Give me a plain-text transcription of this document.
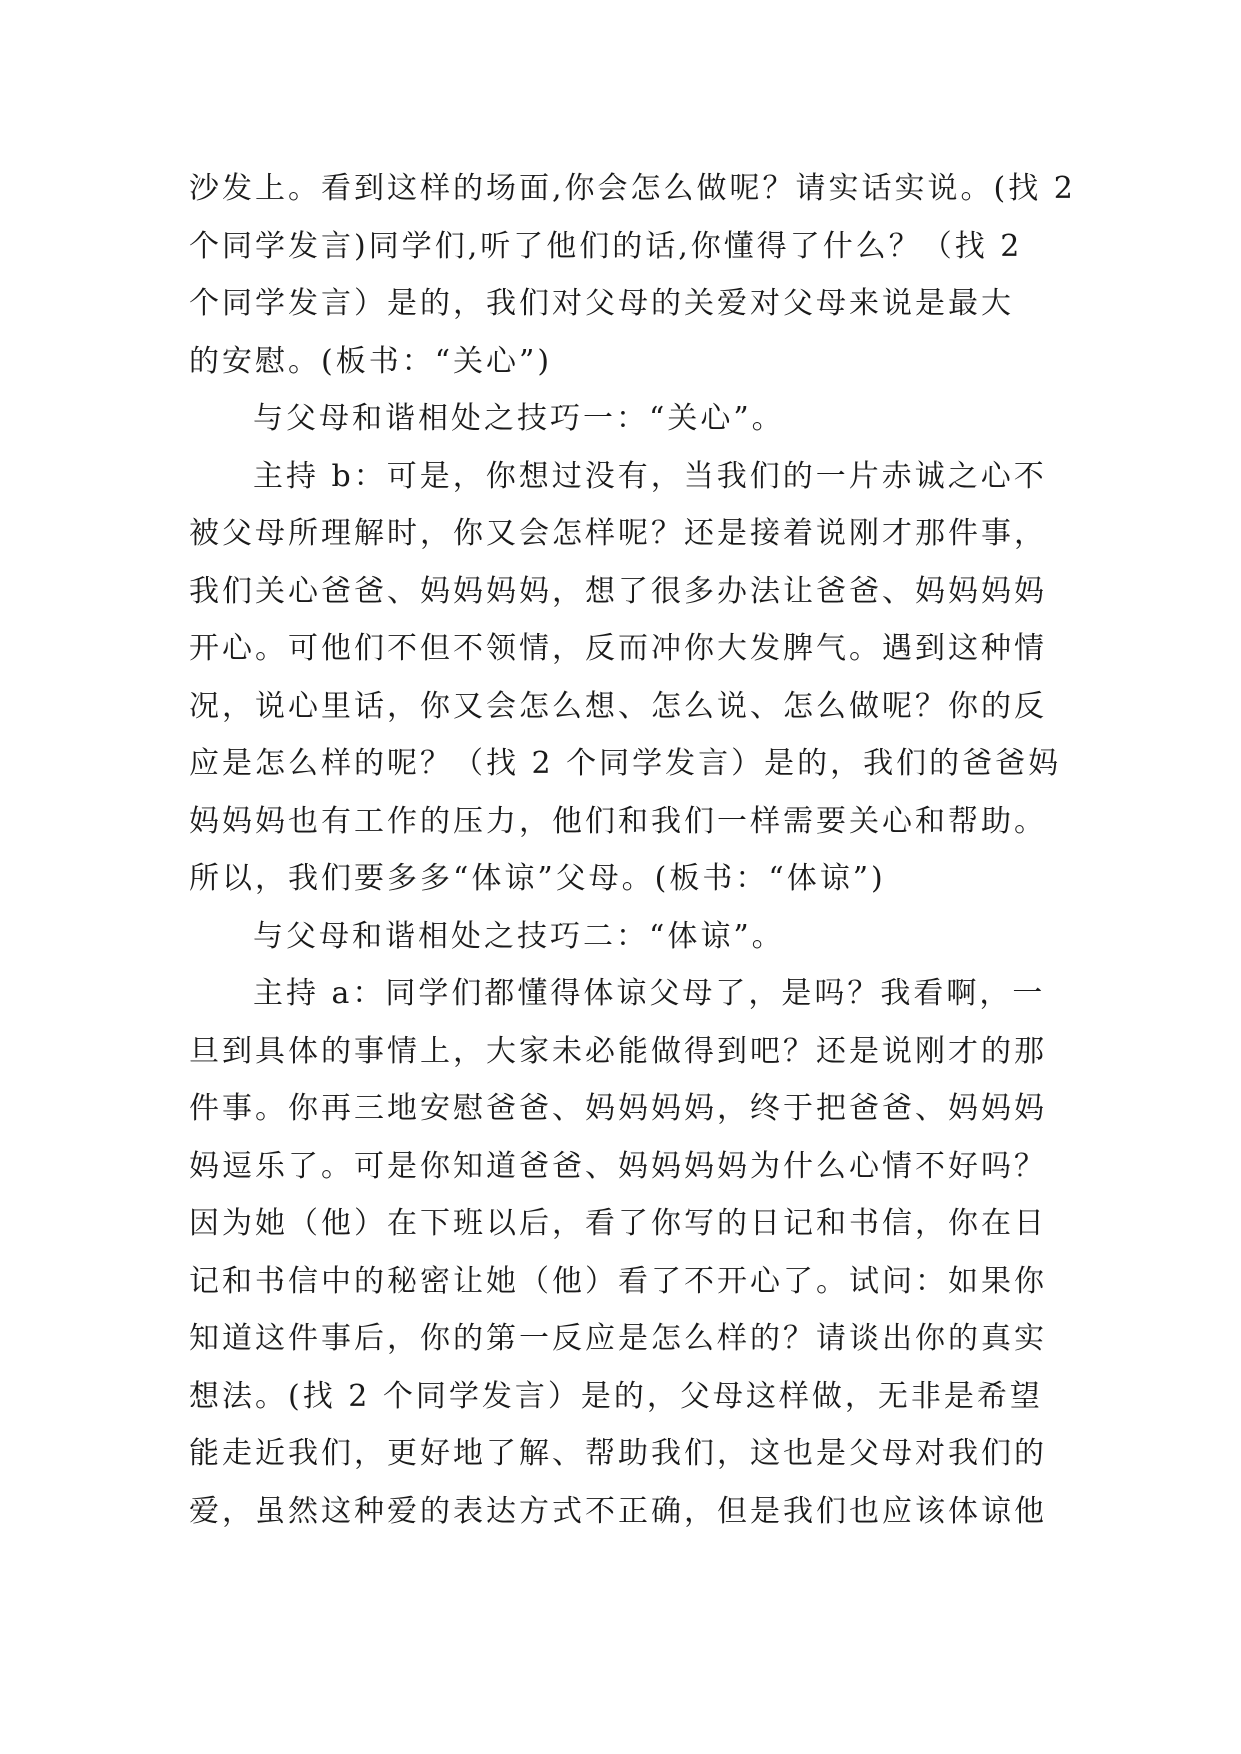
沙发上。看到这样的场面,你会怎么做呢？请实话实说。(找 2
个同学发言)同学们,听了他们的话,你懂得了什么？（找 2
个同学发言）是的，我们对父母的关爱对父母来说是最大
的安慰。(板书：“关心”)
与父母和谐相处之技巧一：“关心”。
主持 b：可是，你想过没有，当我们的一片赤诚之心不
被父母所理解时，你又会怎样呢？还是接着说刚才那件事，
我们关心爸爸、妈妈妈妈，想了很多办法让爸爸、妈妈妈妈
开心。可他们不但不领情，反而冲你大发脾气。遇到这种情
况，说心里话，你又会怎么想、怎么说、怎么做呢？你的反
应是怎么样的呢？（找 2 个同学发言）是的，我们的爸爸妈
妈妈妈也有工作的压力，他们和我们一样需要关心和帮助。
所以，我们要多多“体谅”父母。(板书：“体谅”)
与父母和谐相处之技巧二：“体谅”。
主持 a：同学们都懂得体谅父母了，是吗？我看啊，一
旦到具体的事情上，大家未必能做得到吧？还是说刚才的那
件事。你再三地安慰爸爸、妈妈妈妈，终于把爸爸、妈妈妈
妈逗乐了。可是你知道爸爸、妈妈妈妈为什么心情不好吗？
因为她（他）在下班以后，看了你写的日记和书信，你在日
记和书信中的秘密让她（他）看了不开心了。试问：如果你
知道这件事后，你的第一反应是怎么样的？请谈出你的真实
想法。(找 2 个同学发言）是的，父母这样做，无非是希望
能走近我们，更好地了解、帮助我们，这也是父母对我们的
爱，虽然这种爱的表达方式不正确，但是我们也应该体谅他
